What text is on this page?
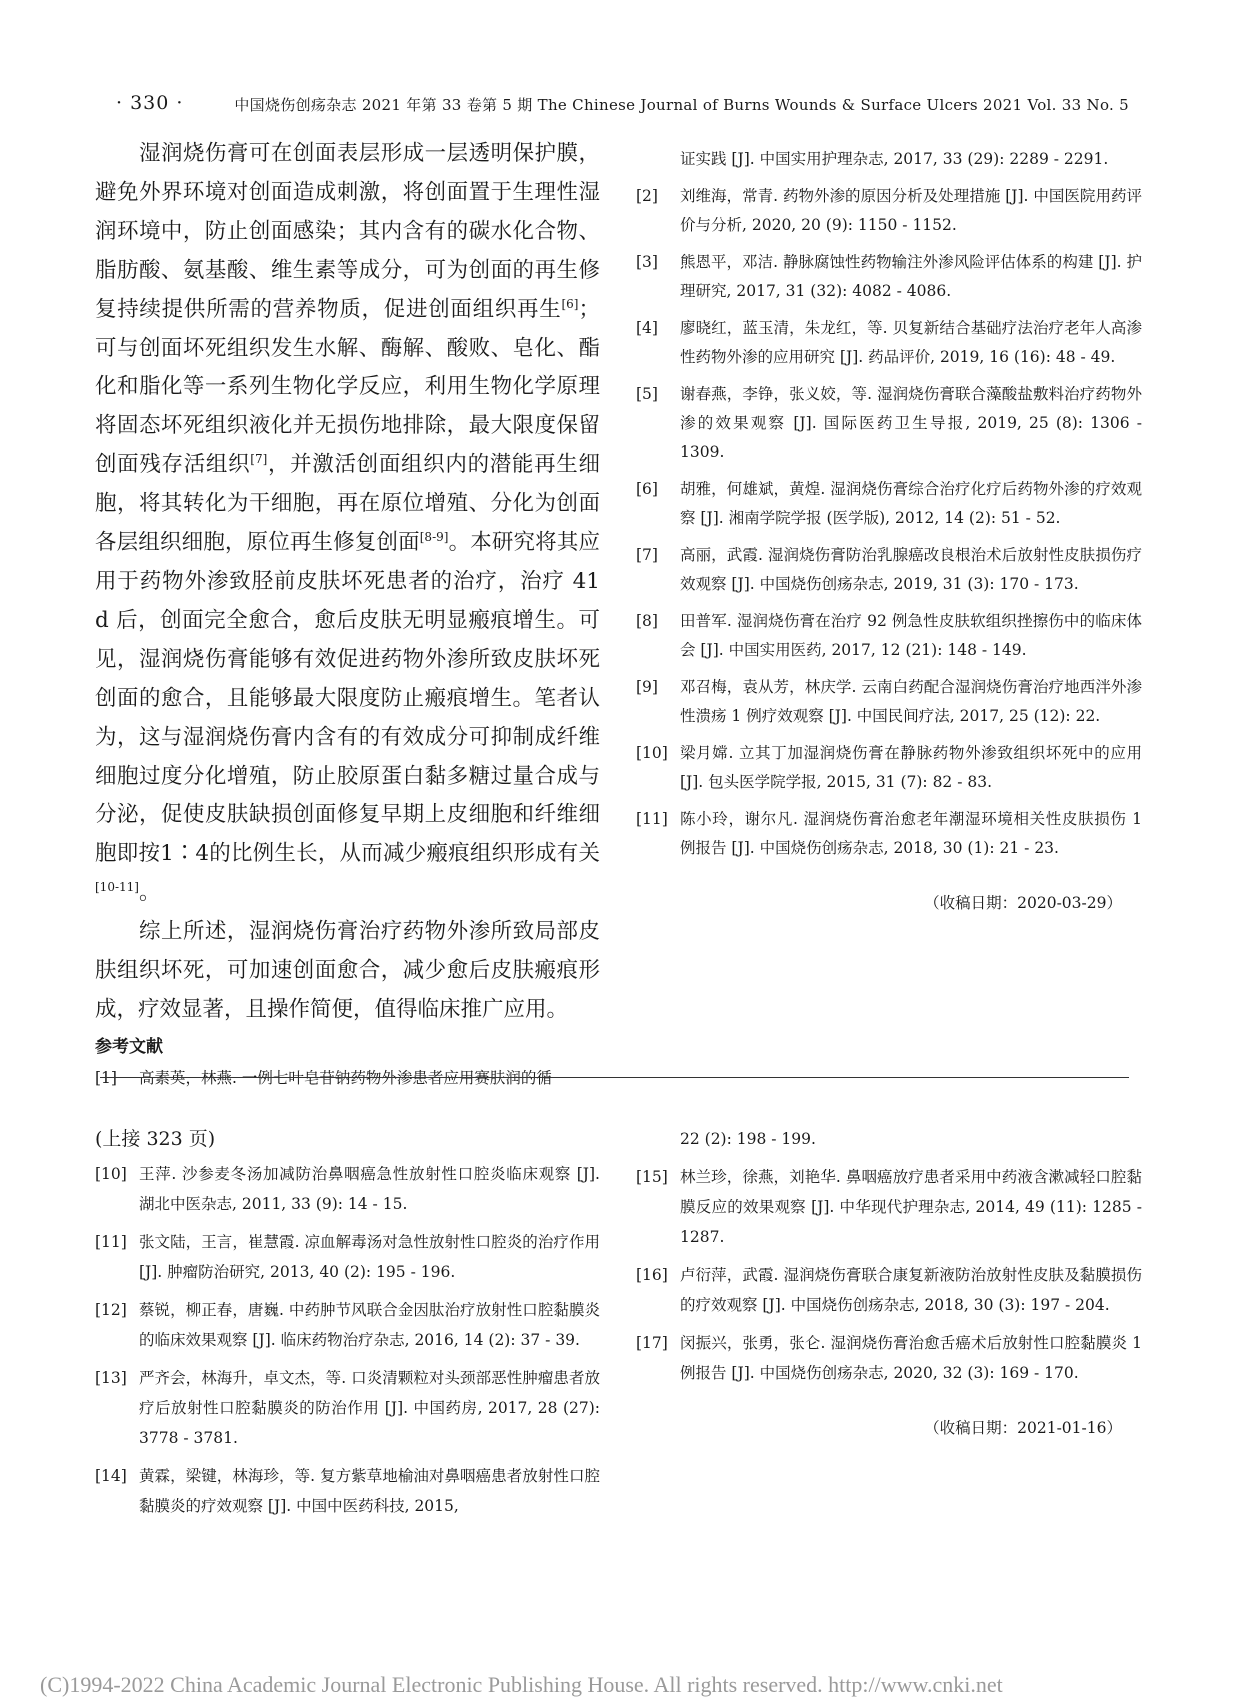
· 330 ·	中国烧伤创疡杂志 2021 年第 33 卷第 5 期 The Chinese Journal of Burns Wounds & Surface Ulcers 2021 Vol. 33 No. 5

湿润烧伤膏可在创面表层形成一层透明保护膜，避免外界环境对创面造成刺激，将创面置于生理性湿润环境中，防止创面感染；其内含有的碳水化合物、脂肪酸、氨基酸、维生素等成分，可为创面的再生修复持续提供所需的营养物质，促进创面组织再生[6]；可与创面坏死组织发生水解、酶解、酸败、皂化、酯化和脂化等一系列生物化学反应，利用生物化学原理将固态坏死组织液化并无损伤地排除，最大限度保留创面残存活组织[7]，并激活创面组织内的潜能再生细胞，将其转化为干细胞，再在原位增殖、分化为创面各层组织细胞，原位再生修复创面[8-9]。本研究将其应用于药物外渗致胫前皮肤坏死患者的治疗，治疗 41 d 后，创面完全愈合，愈后皮肤无明显瘢痕增生。可见，湿润烧伤膏能够有效促进药物外渗所致皮肤坏死创面的愈合，且能够最大限度防止瘢痕增生。笔者认为，这与湿润烧伤膏内含有的有效成分可抑制成纤维细胞过度分化增殖，防止胶原蛋白黏多糖过量合成与分泌，促使皮肤缺损创面修复早期上皮细胞和纤维细胞即按1∶4的比例生长，从而减少瘢痕组织形成有关[10-11]。

综上所述，湿润烧伤膏治疗药物外渗所致局部皮肤组织坏死，可加速创面愈合，减少愈后皮肤瘢痕形成，疗效显著，且操作简便，值得临床推广应用。

参考文献
[1] 高素英，林燕. 一例七叶皂苷钠药物外渗患者应用赛肤润的循
证实践 [J]. 中国实用护理杂志, 2017, 33 (29): 2289 - 2291.
[2] 刘维海，常青. 药物外渗的原因分析及处理措施 [J]. 中国医院用药评价与分析, 2020, 20 (9): 1150 - 1152.
[3] 熊恩平，邓洁. 静脉腐蚀性药物输注外渗风险评估体系的构建 [J]. 护理研究, 2017, 31 (32): 4082 - 4086.
[4] 廖晓红，蓝玉清，朱龙红，等. 贝复新结合基础疗法治疗老年人高渗性药物外渗的应用研究 [J]. 药品评价, 2019, 16 (16): 48 - 49.
[5] 谢春燕，李铮，张义姣，等. 湿润烧伤膏联合藻酸盐敷料治疗药物外渗的效果观察 [J]. 国际医药卫生导报, 2019, 25 (8): 1306 - 1309.
[6] 胡雅，何雄斌，黄煌. 湿润烧伤膏综合治疗化疗后药物外渗的疗效观察 [J]. 湘南学院学报 (医学版), 2012, 14 (2): 51 - 52.
[7] 高丽，武霞. 湿润烧伤膏防治乳腺癌改良根治术后放射性皮肤损伤疗效观察 [J]. 中国烧伤创疡杂志, 2019, 31 (3): 170 - 173.
[8] 田普军. 湿润烧伤膏在治疗 92 例急性皮肤软组织挫擦伤中的临床体会 [J]. 中国实用医药, 2017, 12 (21): 148 - 149.
[9] 邓召梅，袁从芳，林庆学. 云南白药配合湿润烧伤膏治疗地西泮外渗性溃疡 1 例疗效观察 [J]. 中国民间疗法, 2017, 25 (12): 22.
[10] 梁月嫦. 立其丁加湿润烧伤膏在静脉药物外渗致组织坏死中的应用 [J]. 包头医学院学报, 2015, 31 (7): 82 - 83.
[11] 陈小玲，谢尔凡. 湿润烧伤膏治愈老年潮湿环境相关性皮肤损伤 1 例报告 [J]. 中国烧伤创疡杂志, 2018, 30 (1): 21 - 23.
（收稿日期：2020-03-29）
(上接 323 页)
[10] 王萍. 沙参麦冬汤加减防治鼻咽癌急性放射性口腔炎临床观察 [J]. 湖北中医杂志, 2011, 33 (9): 14 - 15.
[11] 张文陆，王言，崔慧霞. 凉血解毒汤对急性放射性口腔炎的治疗作用 [J]. 肿瘤防治研究, 2013, 40 (2): 195 - 196.
[12] 蔡锐，柳正春，唐巍. 中药肿节风联合金因肽治疗放射性口腔黏膜炎的临床效果观察 [J]. 临床药物治疗杂志, 2016, 14 (2): 37 - 39.
[13] 严齐会，林海升，卓文杰，等. 口炎清颗粒对头颈部恶性肿瘤患者放疗后放射性口腔黏膜炎的防治作用 [J]. 中国药房, 2017, 28 (27): 3778 - 3781.
[14] 黄霖，梁键，林海珍，等. 复方紫草地榆油对鼻咽癌患者放射性口腔黏膜炎的疗效观察 [J]. 中国中医药科技, 2015,
22 (2): 198 - 199.
[15] 林兰珍，徐燕，刘艳华. 鼻咽癌放疗患者采用中药液含漱减轻口腔黏膜反应的效果观察 [J]. 中华现代护理杂志, 2014, 49 (11): 1285 - 1287.
[16] 卢衍萍，武霞. 湿润烧伤膏联合康复新液防治放射性皮肤及黏膜损伤的疗效观察 [J]. 中国烧伤创疡杂志, 2018, 30 (3): 197 - 204.
[17] 闵振兴，张勇，张仑. 湿润烧伤膏治愈舌癌术后放射性口腔黏膜炎 1 例报告 [J]. 中国烧伤创疡杂志, 2020, 32 (3): 169 - 170.
（收稿日期：2021-01-16）
(C)1994-2022 China Academic Journal Electronic Publishing House. All rights reserved. http://www.cnki.net
